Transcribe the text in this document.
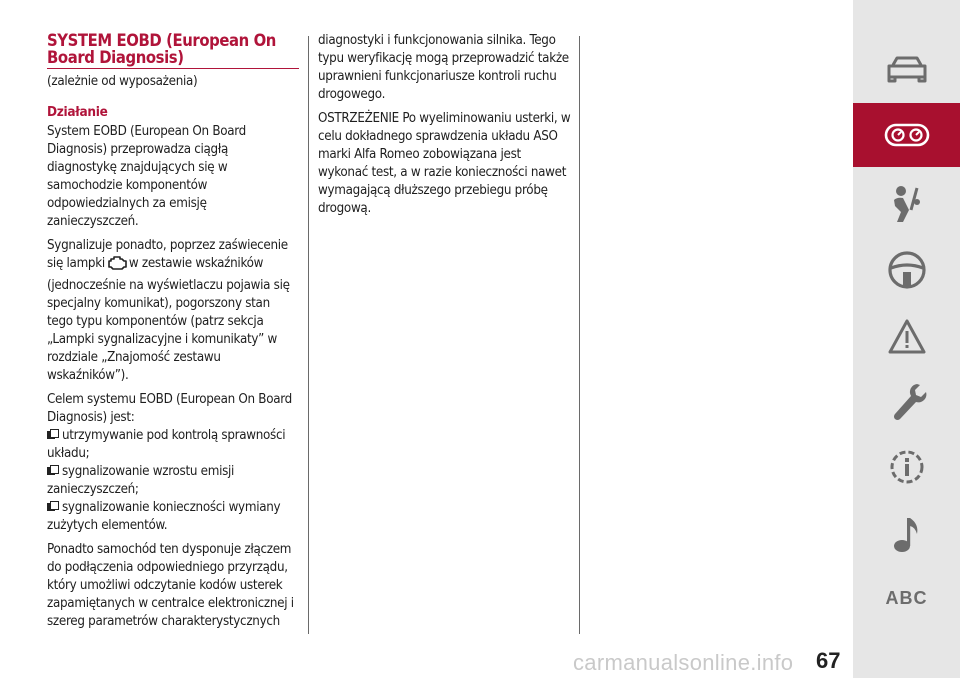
SYSTEM EOBD (European On
Board Diagnosis)

(zależnie od wyposażenia)

Działanie

System EOBD (European On Board Diagnosis) przeprowadza ciągłą diagnostykę znajdujących się w samochodzie komponentów odpowiedzialnych za emisję zanieczyszczeń.

Sygnalizuje ponadto, poprzez zaświecenie się lampki w zestawie wskaźników (jednocześnie na wyświetlaczu pojawia się specjalny komunikat), pogorszony stan tego typu komponentów (patrz sekcja „Lampki sygnalizacyjne i komunikaty” w rozdziale „Znajomość zestawu wskaźników”).

Celem systemu EOBD (European On Board Diagnosis) jest:

utrzymywanie pod kontrolą sprawności układu;

sygnalizowanie wzrostu emisji zanieczyszczeń;

sygnalizowanie konieczności wymiany zużytych elementów.

Ponadto samochód ten dysponuje złączem do podłączenia odpowiedniego przyrządu, który umożliwi odczytanie kodów usterek zapamiętanych w centralce elektronicznej i szereg parametrów charakterystycznych

diagnostyki i funkcjonowania silnika. Tego typu weryfikację mogą przeprowadzić także uprawnieni funkcjonariusze kontroli ruchu drogowego.

OSTRZEŻENIE Po wyeliminowaniu usterki, w celu dokładnego sprawdzenia układu ASO marki Alfa Romeo zobowiązana jest wykonać test, a w razie konieczności nawet wymagającą dłuższego przebiegu próbę drogową.

ABC
carmanualsonline.info 67
